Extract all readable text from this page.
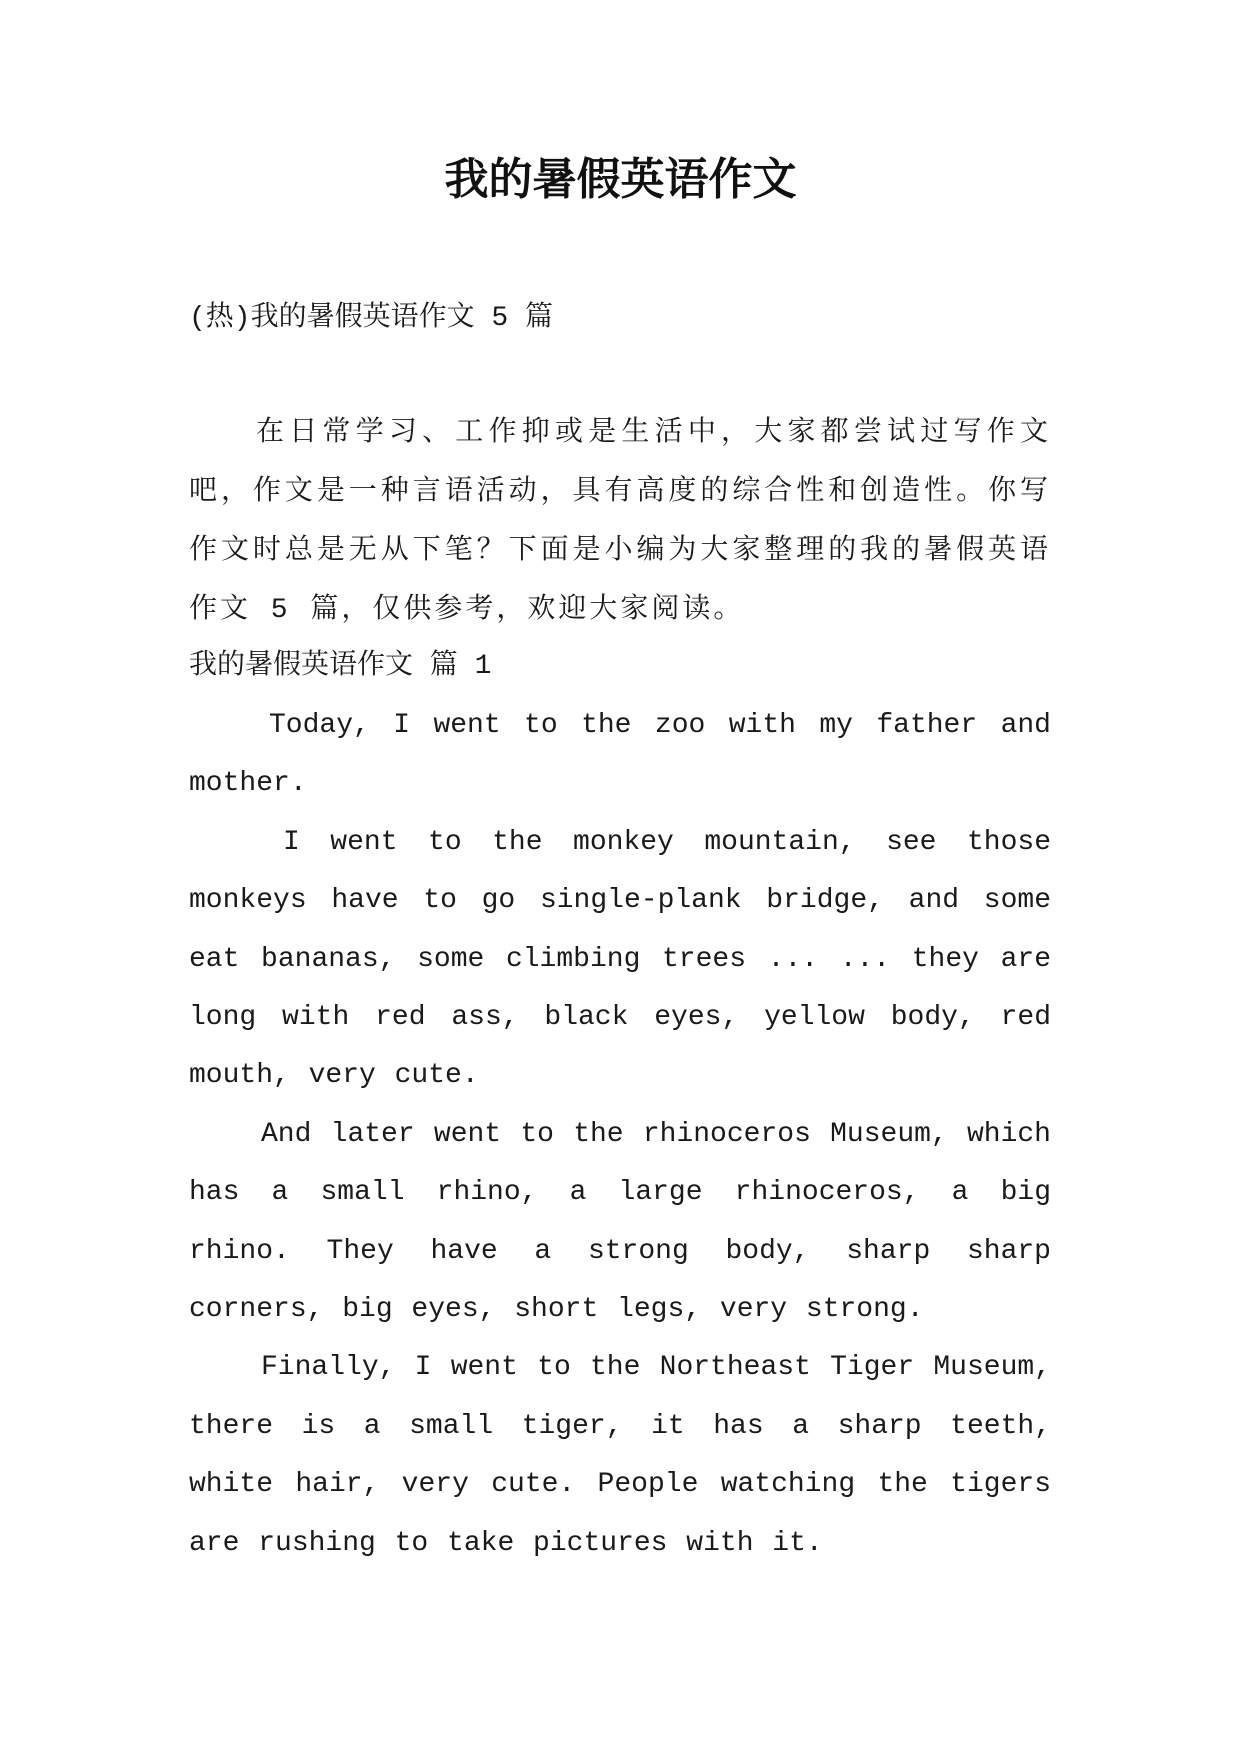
我的暑假英语作文

(热)我的暑假英语作文 5 篇

在日常学习、工作抑或是生活中，大家都尝试过写作文吧，作文是一种言语活动，具有高度的综合性和创造性。你写作文时总是无从下笔？下面是小编为大家整理的我的暑假英语作文 5 篇，仅供参考，欢迎大家阅读。

我的暑假英语作文 篇 1

Today, I went to the zoo with my father and mother.

I went to the monkey mountain, see those monkeys have to go single-plank bridge, and some eat bananas, some climbing trees ... ... they are long with red ass, black eyes, yellow body, red mouth, very cute.

And later went to the rhinoceros Museum, which has a small rhino, a large rhinoceros, a big rhino. They have a strong body, sharp sharp corners, big eyes, short legs, very strong.

Finally, I went to the Northeast Tiger Museum, there is a small tiger, it has a sharp teeth, white hair, very cute. People watching the tigers are rushing to take pictures with it.
